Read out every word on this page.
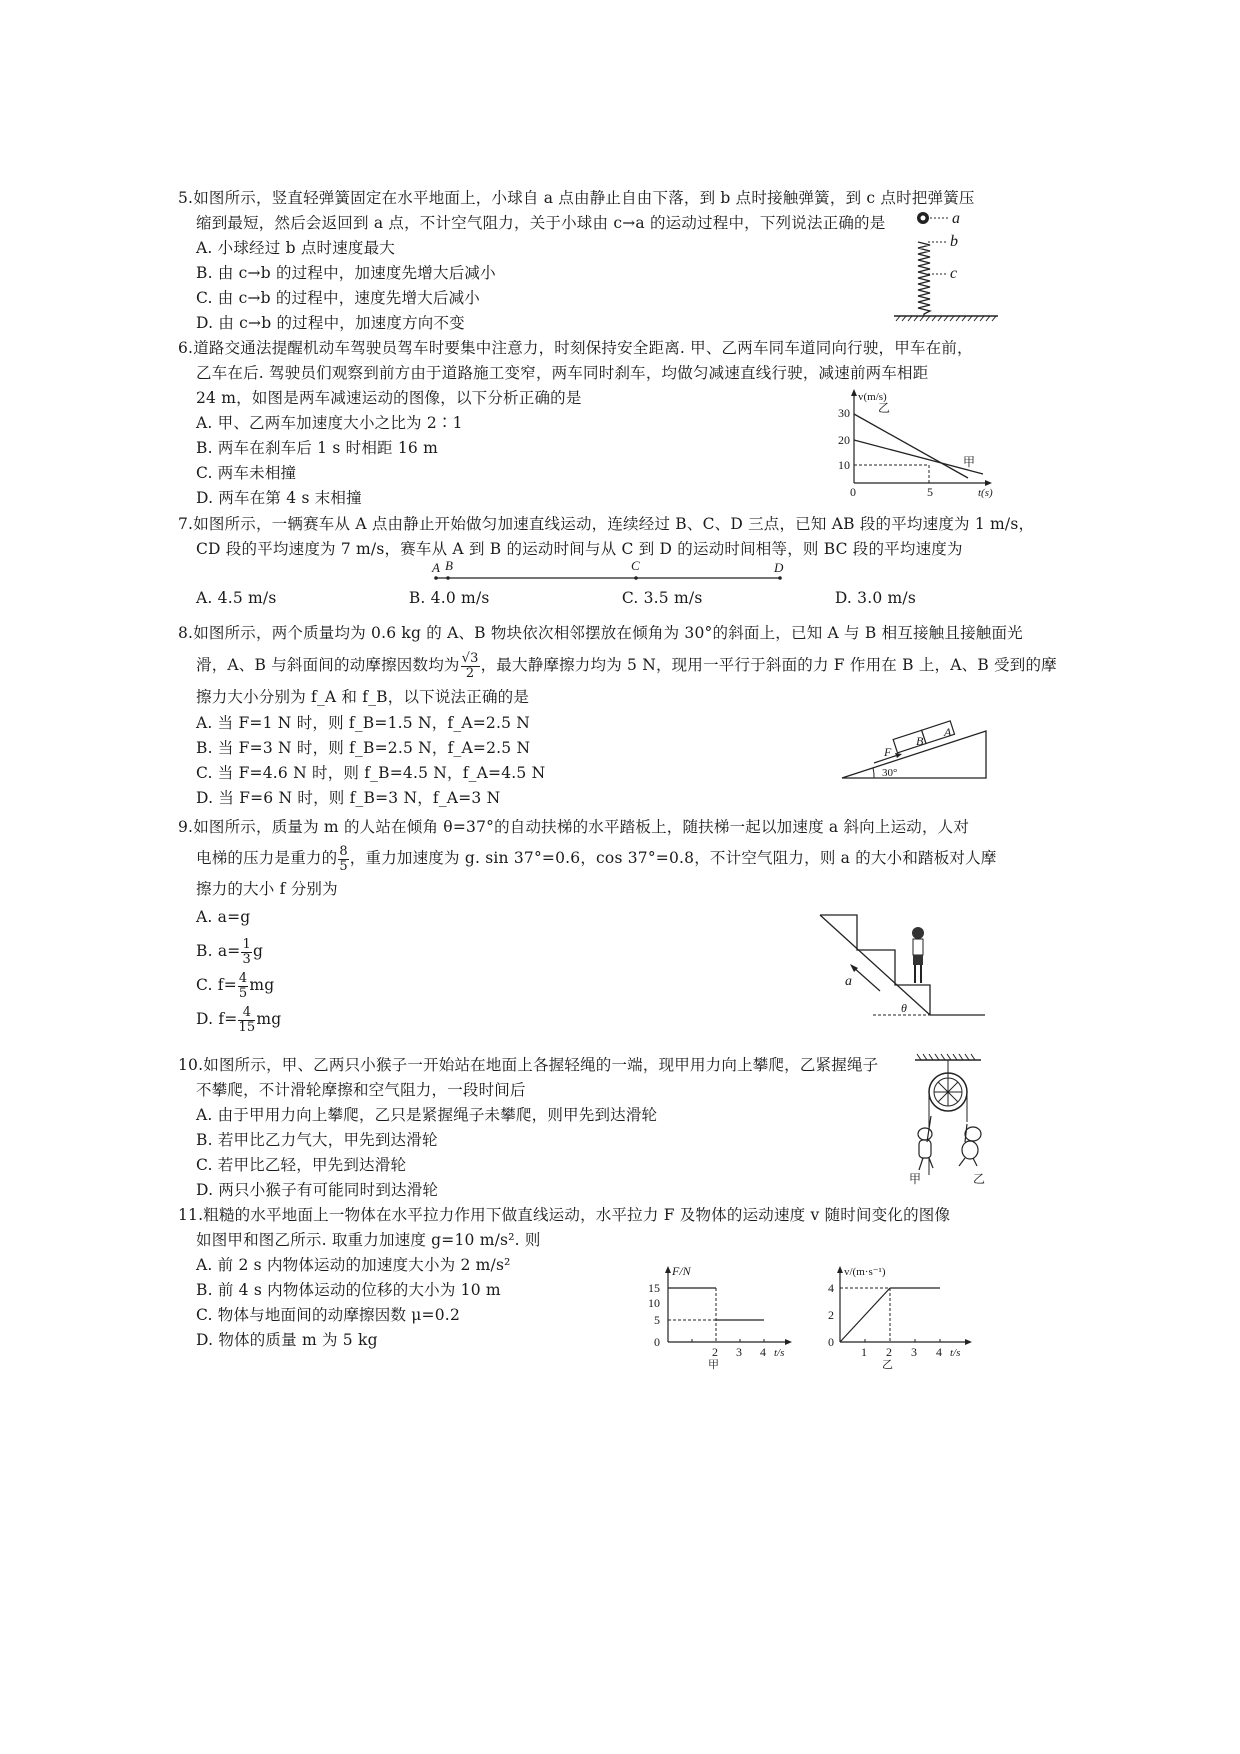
5.如图所示，竖直轻弹簧固定在水平地面上，小球自 a 点由静止自由下落，到 b 点时接触弹簧，到 c 点时把弹簧压
缩到最短，然后会返回到 a 点，不计空气阻力，关于小球由 c→a 的运动过程中，下列说法正确的是
A. 小球经过 b 点时速度最大
B. 由 c→b 的过程中，加速度先增大后减小
C. 由 c→b 的过程中，速度先增大后减小
D. 由 c→b 的过程中，加速度方向不变
a
b
c
6.道路交通法提醒机动车驾驶员驾车时要集中注意力，时刻保持安全距离. 甲、乙两车同车道同向行驶，甲车在前，
乙车在后. 驾驶员们观察到前方由于道路施工变窄，两车同时刹车，均做匀减速直线行驶，减速前两车相距
24 m，如图是两车减速运动的图像，以下分析正确的是
A. 甲、乙两车加速度大小之比为 2∶1
B. 两车在刹车后 1 s 时相距 16 m
C. 两车未相撞
D. 两车在第 4 s 末相撞
v(m/s)
30
20
10
0	5	t(s)
乙
甲
7.如图所示，一辆赛车从 A 点由静止开始做匀加速直线运动，连续经过 B、C、D 三点，已知 AB 段的平均速度为 1 m/s，
CD 段的平均速度为 7 m/s，赛车从 A 到 B 的运动时间与从 C 到 D 的运动时间相等，则 BC 段的平均速度为
A. 4.5 m/s	B. 4.0 m/s	C. 3.5 m/s	D. 3.0 m/s
A B	C	D
8.如图所示，两个质量均为 0.6 kg 的 A、B 物块依次相邻摆放在倾角为 30°的斜面上，已知 A 与 B 相互接触且接触面光
滑，A、B 与斜面间的动摩擦因数均为 $\frac{√3}{2}$ ，最大静摩擦力均为 5 N，现用一平行于斜面的力 F 作用在 B 上，A、B 受到的摩
擦力大小分别为 f_A 和 f_B，以下说法正确的是
A. 当 F=1 N 时，则 f_B=1.5 N，f_A=2.5 N
B. 当 F=3 N 时，则 f_B=2.5 N，f_A=2.5 N
C. 当 F=4.6 N 时，则 f_B=4.5 N，f_A=4.5 N
D. 当 F=6 N 时，则 f_B=3 N，f_A=3 N
F
B
A
30°
9.如图所示，质量为 m 的人站在倾角 θ=37°的自动扶梯的水平踏板上，随扶梯一起以加速度 a 斜向上运动，人对
电梯的压力是重力的 $\frac{8}{5}$ ，重力加速度为 g. sin 37°=0.6，cos 37°=0.8，不计空气阻力，则 a 的大小和踏板对人摩
擦力的大小 f 分别为
A. a=g
B. $a= \frac{1}{3}$ g
C. $f= \frac{4}{5}$ mg
D. $f= \frac{4}{15}$ mg
a
θ
10.如图所示，甲、乙两只小猴子一开始站在地面上各握轻绳的一端，现甲用力向上攀爬，乙紧握绳子
不攀爬，不计滑轮摩擦和空气阻力，一段时间后
A. 由于甲用力向上攀爬，乙只是紧握绳子未攀爬，则甲先到达滑轮
B. 若甲比乙力气大，甲先到达滑轮
C. 若甲比乙轻，甲先到达滑轮
D. 两只小猴子有可能同时到达滑轮
甲	乙
11.粗糙的水平地面上一物体在水平拉力作用下做直线运动，水平拉力 F 及物体的运动速度 v 随时间变化的图像
如图甲和图乙所示. 取重力加速度 g=10 m/s². 则
A. 前 2 s 内物体运动的加速度大小为 2 m/s²
B. 前 4 s 内物体运动的位移的大小为 10 m
C. 物体与地面间的动摩擦因数 μ=0.2
D. 物体的质量 m 为 5 kg
F/N
15
10
5
0
2 3 4 t/s
甲
v/(m·s⁻¹)
4
2
0
1 2 3 4 t/s
乙
